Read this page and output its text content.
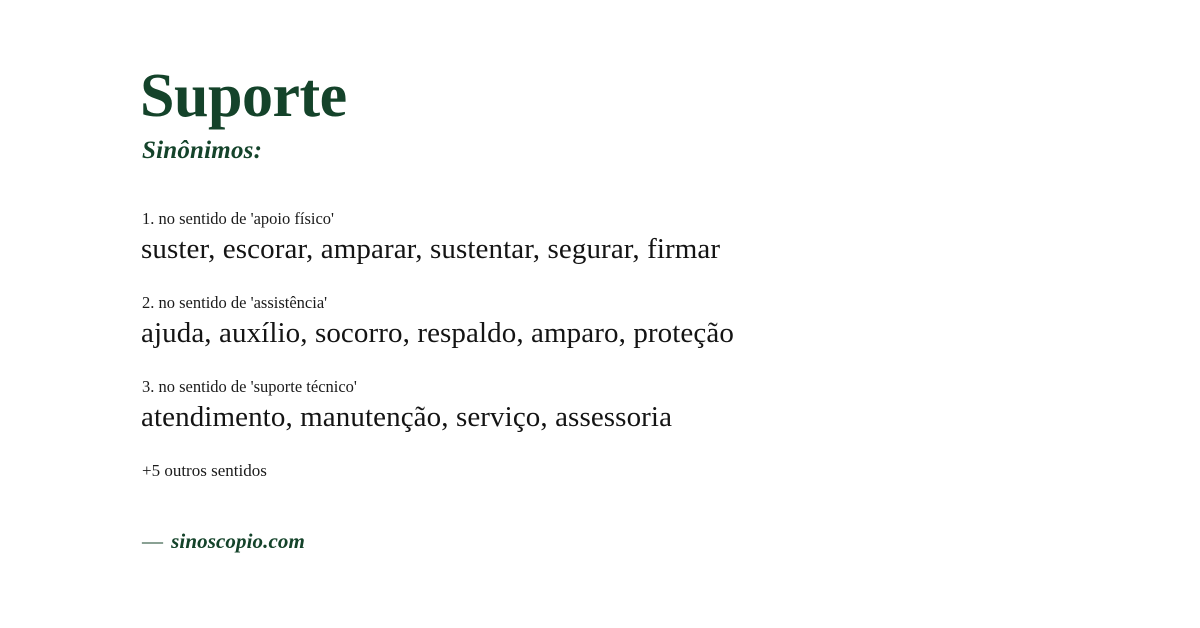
Suporte
Sinônimos:
1. no sentido de 'apoio físico'
suster, escorar, amparar, sustentar, segurar, firmar
2. no sentido de 'assistência'
ajuda, auxílio, socorro, respaldo, amparo, proteção
3. no sentido de 'suporte técnico'
atendimento, manutenção, serviço, assessoria
+5 outros sentidos
— sinoscopio.com
